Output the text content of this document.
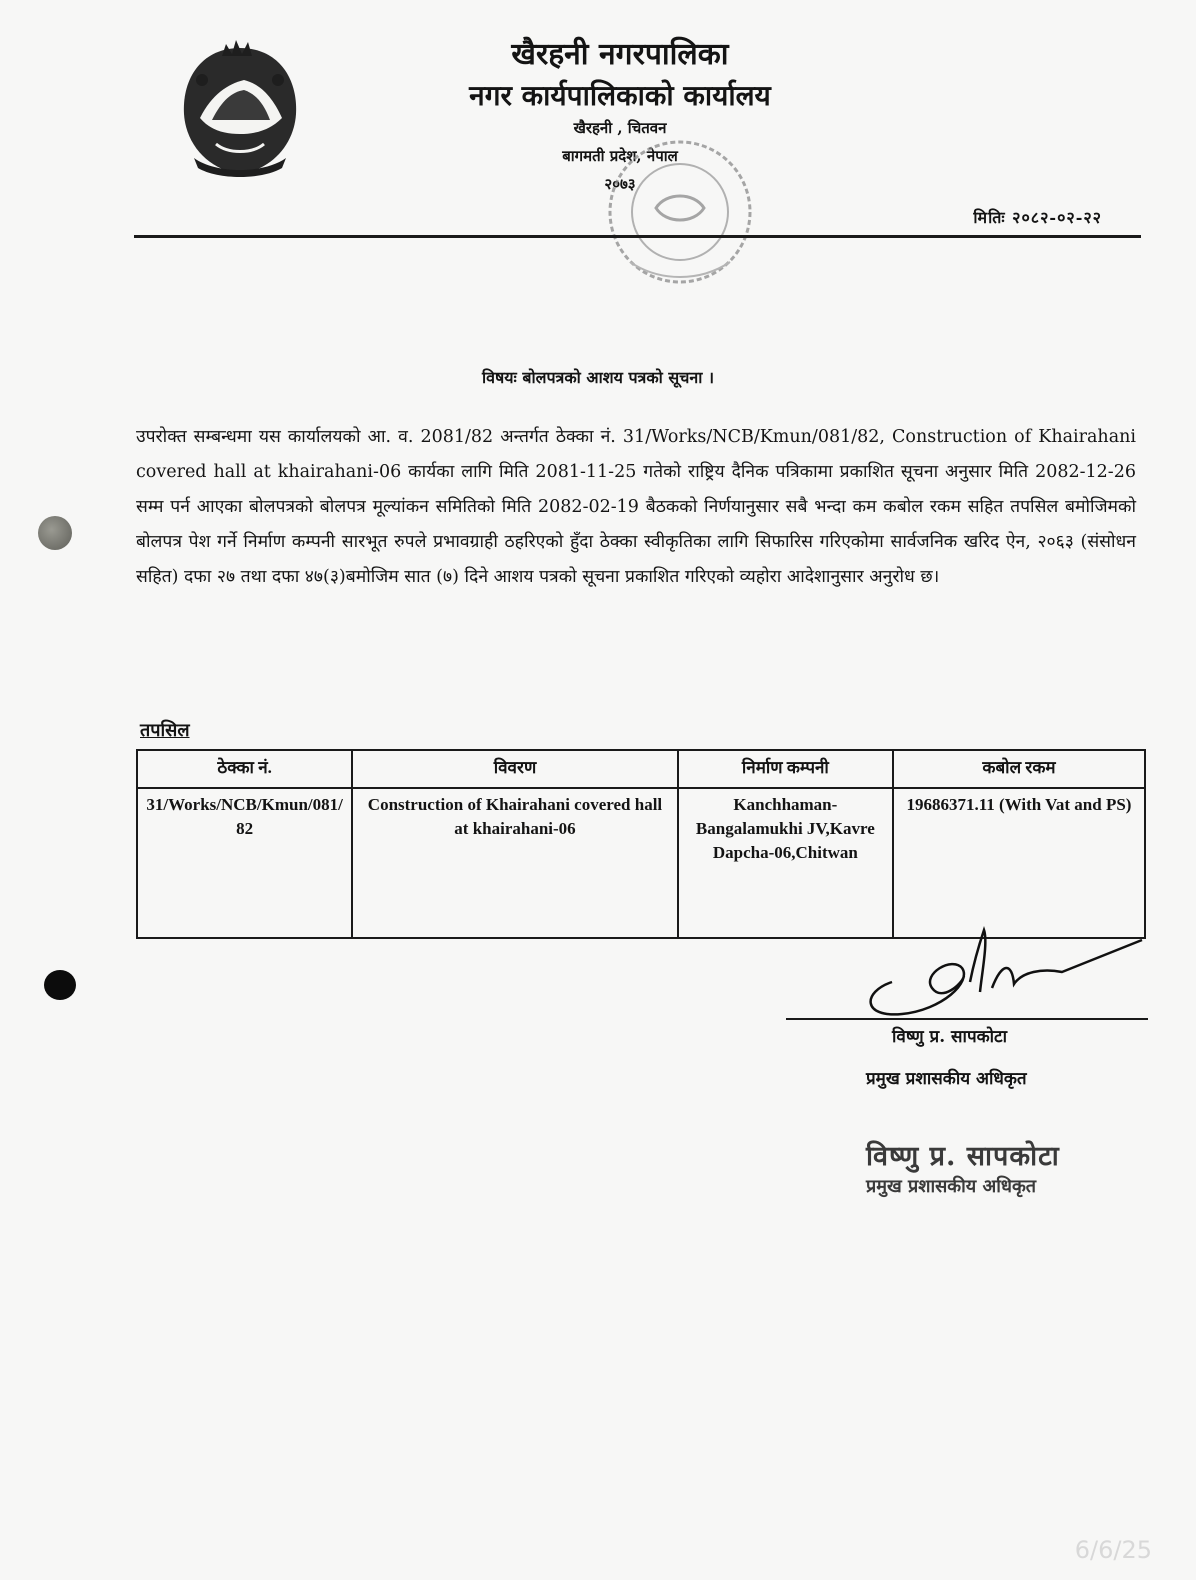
खैरहनी नगरपालिका
नगर कार्यपालिकाको कार्यालय
खैरहनी , चितवन
बागमती प्रदेश, नेपाल
२०७३
मितिः २०८२-०२-२२
विषयः बोलपत्रको आशय पत्रको सूचना ।
उपरोक्त सम्बन्धमा यस कार्यालयको आ. व. 2081/82 अन्तर्गत ठेक्का नं. 31/Works/NCB/Kmun/081/82, Construction of Khairahani covered hall at khairahani-06 कार्यका लागि मिति 2081-11-25 गतेको राष्ट्रिय दैनिक पत्रिकामा प्रकाशित सूचना अनुसार मिति 2082-12-26 सम्म पर्न आएका बोलपत्रको बोलपत्र मूल्यांकन समितिको मिति 2082-02-19 बैठकको निर्णयानुसार सबै भन्दा कम कबोल रकम सहित तपसिल बमोजिमको बोलपत्र पेश गर्ने निर्माण कम्पनी सारभूत रुपले प्रभावग्राही ठहरिएको हुँदा ठेक्का स्वीकृतिका लागि सिफारिस गरिएकोमा सार्वजनिक खरिद ऐन, २०६३ (संसोधन सहित) दफा २७ तथा दफा ४७(३)बमोजिम सात (७) दिने आशय पत्रको सूचना प्रकाशित गरिएको व्यहोरा आदेशानुसार अनुरोध छ।
तपसिल
ठेक्का नं.	विवरण	निर्माण कम्पनी	कबोल रकम
31/Works/NCB/Kmun/081/82	Construction of Khairahani covered hall at khairahani-06	Kanchhaman-Bangalamukhi JV,Kavre Dapcha-06,Chitwan	19686371.11 (With Vat and PS)
विष्णु प्र. सापकोटा
प्रमुख प्रशासकीय अधिकृत
विष्णु प्र. सापकोटा
प्रमुख प्रशासकीय अधिकृत
6/6/25
